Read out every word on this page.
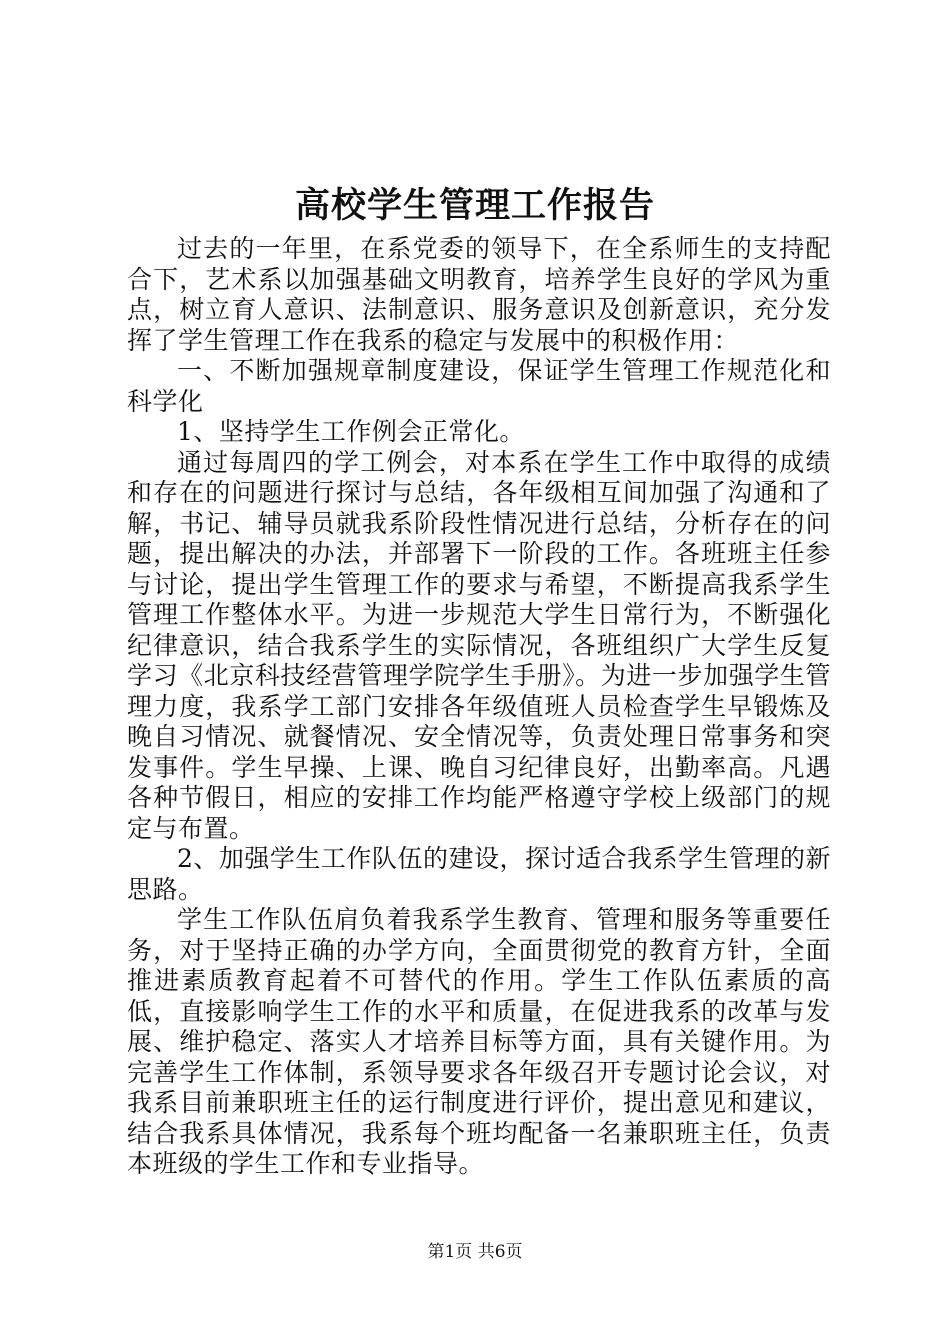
高校学生管理工作报告

过去的一年里，在系党委的领导下，在全系师生的支持配合下，艺术系以加强基础文明教育，培养学生良好的学风为重点，树立育人意识、法制意识、服务意识及创新意识，充分发挥了学生管理工作在我系的稳定与发展中的积极作用：

一、不断加强规章制度建设，保证学生管理工作规范化和科学化

1、坚持学生工作例会正常化。

通过每周四的学工例会，对本系在学生工作中取得的成绩和存在的问题进行探讨与总结，各年级相互间加强了沟通和了解，书记、辅导员就我系阶段性情况进行总结，分析存在的问题，提出解决的办法，并部署下一阶段的工作。各班班主任参与讨论，提出学生管理工作的要求与希望，不断提高我系学生管理工作整体水平。为进一步规范大学生日常行为，不断强化纪律意识，结合我系学生的实际情况，各班组织广大学生反复学习《北京科技经营管理学院学生手册》。为进一步加强学生管理力度，我系学工部门安排各年级值班人员检查学生早锻炼及晚自习情况、就餐情况、安全情况等，负责处理日常事务和突发事件。学生早操、上课、晚自习纪律良好，出勤率高。凡遇各种节假日，相应的安排工作均能严格遵守学校上级部门的规定与布置。

2、加强学生工作队伍的建设，探讨适合我系学生管理的新思路。

学生工作队伍肩负着我系学生教育、管理和服务等重要任务，对于坚持正确的办学方向，全面贯彻党的教育方针，全面推进素质教育起着不可替代的作用。学生工作队伍素质的高低，直接影响学生工作的水平和质量，在促进我系的改革与发展、维护稳定、落实人才培养目标等方面，具有关键作用。为完善学生工作体制，系领导要求各年级召开专题讨论会议，对我系目前兼职班主任的运行制度进行评价，提出意见和建议，结合我系具体情况，我系每个班均配备一名兼职班主任，负责本班级的学生工作和专业指导。

第1页 共6页
